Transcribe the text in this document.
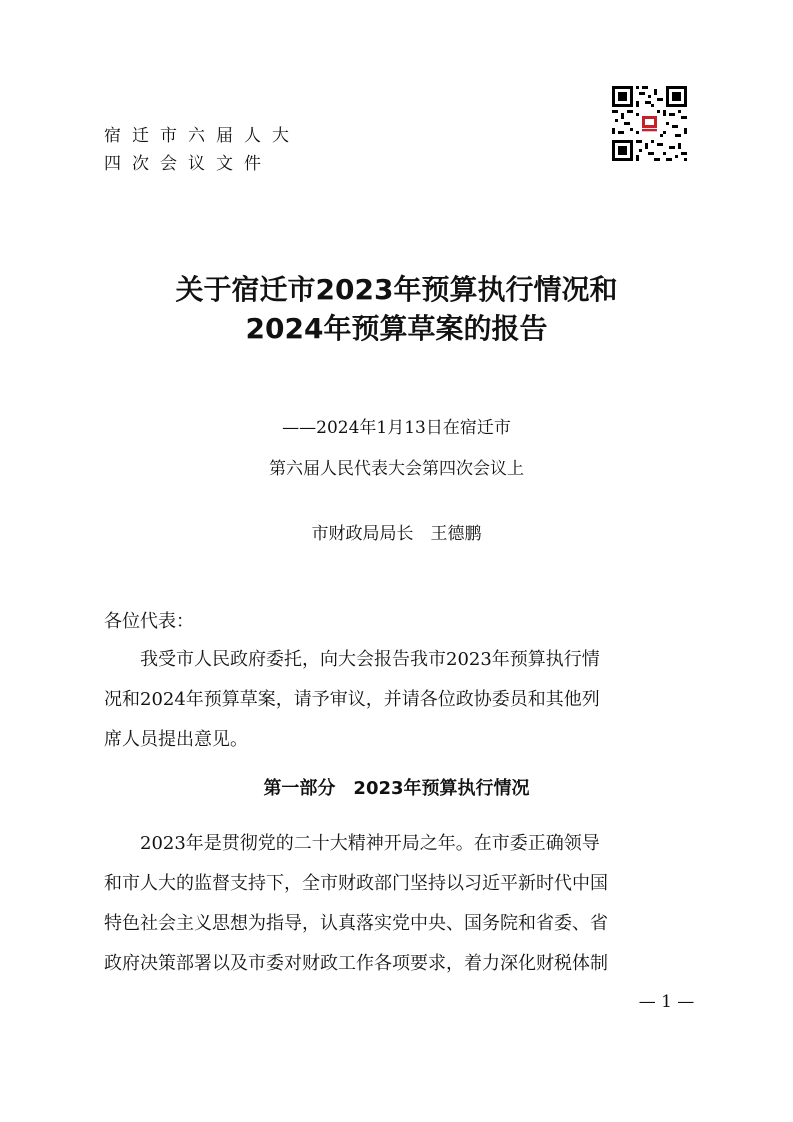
宿迁市六届人大
四次会议文件
关于宿迁市2023年预算执行情况和
2024年预算草案的报告
——2024年1月13日在宿迁市
第六届人民代表大会第四次会议上
市财政局局长　王德鹏
各位代表：
　　我受市人民政府委托，向大会报告我市2023年预算执行情
况和2024年预算草案，请予审议，并请各位政协委员和其他列
席人员提出意见。
第一部分　2023年预算执行情况
　　2023年是贯彻党的二十大精神开局之年。在市委正确领导
和市人大的监督支持下，全市财政部门坚持以习近平新时代中国
特色社会主义思想为指导，认真落实党中央、国务院和省委、省
政府决策部署以及市委对财政工作各项要求，着力深化财税体制
— 1 —
